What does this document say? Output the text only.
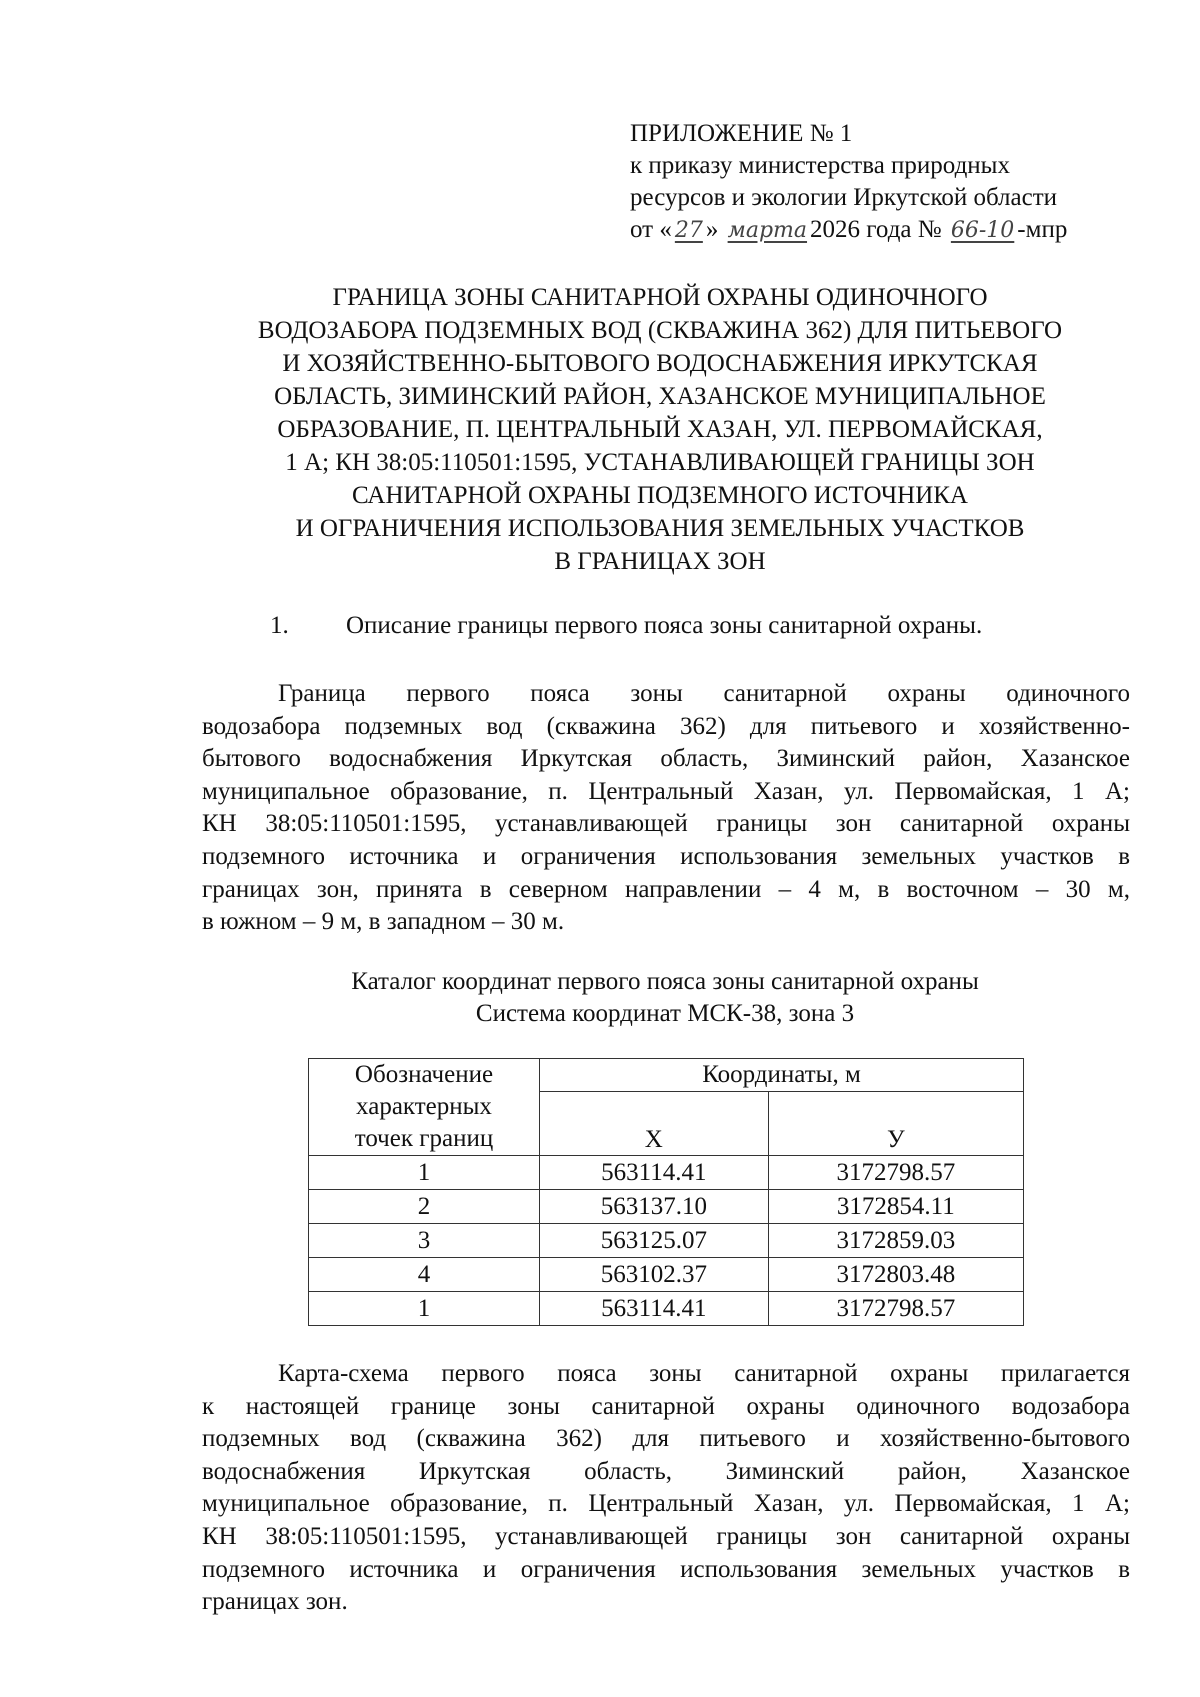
ПРИЛОЖЕНИЕ № 1
к приказу министерства природных
ресурсов и экологии Иркутской области
от « 27 » марта 2026 года № 66-10 -мпр
ГРАНИЦА ЗОНЫ САНИТАРНОЙ ОХРАНЫ ОДИНОЧНОГО
ВОДОЗАБОРА ПОДЗЕМНЫХ ВОД (СКВАЖИНА 362) ДЛЯ ПИТЬЕВОГО
И ХОЗЯЙСТВЕННО-БЫТОВОГО ВОДОСНАБЖЕНИЯ ИРКУТСКАЯ
ОБЛАСТЬ, ЗИМИНСКИЙ РАЙОН, ХАЗАНСКОЕ МУНИЦИПАЛЬНОЕ
ОБРАЗОВАНИЕ, П. ЦЕНТРАЛЬНЫЙ ХАЗАН, УЛ. ПЕРВОМАЙСКАЯ,
1 А; КН 38:05:110501:1595, УСТАНАВЛИВАЮЩЕЙ ГРАНИЦЫ ЗОН
САНИТАРНОЙ ОХРАНЫ ПОДЗЕМНОГО ИСТОЧНИКА
И ОГРАНИЧЕНИЯ ИСПОЛЬЗОВАНИЯ ЗЕМЕЛЬНЫХ УЧАСТКОВ
В ГРАНИЦАХ ЗОН
1. Описание границы первого пояса зоны санитарной охраны.
Граница первого пояса зоны санитарной охраны одиночного
водозабора подземных вод (скважина 362) для питьевого и хозяйственно-
бытового водоснабжения Иркутская область, Зиминский район, Хазанское
муниципальное образование, п. Центральный Хазан, ул. Первомайская, 1 А;
КН 38:05:110501:1595, устанавливающей границы зон санитарной охраны
подземного источника и ограничения использования земельных участков в
границах зон, принята в северном направлении – 4 м, в восточном – 30 м,
в южном – 9 м, в западном – 30 м.
Каталог координат первого пояса зоны санитарной охраны
Система координат МСК-38, зона 3
Обозначение
характерных
точек границ	Координаты, м	
	Х	У
1	563114.41	3172798.57
2	563137.10	3172854.11
3	563125.07	3172859.03
4	563102.37	3172803.48
1	563114.41	3172798.57
Карта-схема первого пояса зоны санитарной охраны прилагается
к настоящей границе зоны санитарной охраны одиночного водозабора
подземных вод (скважина 362) для питьевого и хозяйственно-бытового
водоснабжения Иркутская область, Зиминский район, Хазанское
муниципальное образование, п. Центральный Хазан, ул. Первомайская, 1 А;
КН 38:05:110501:1595, устанавливающей границы зон санитарной охраны
подземного источника и ограничения использования земельных участков в
границах зон.
